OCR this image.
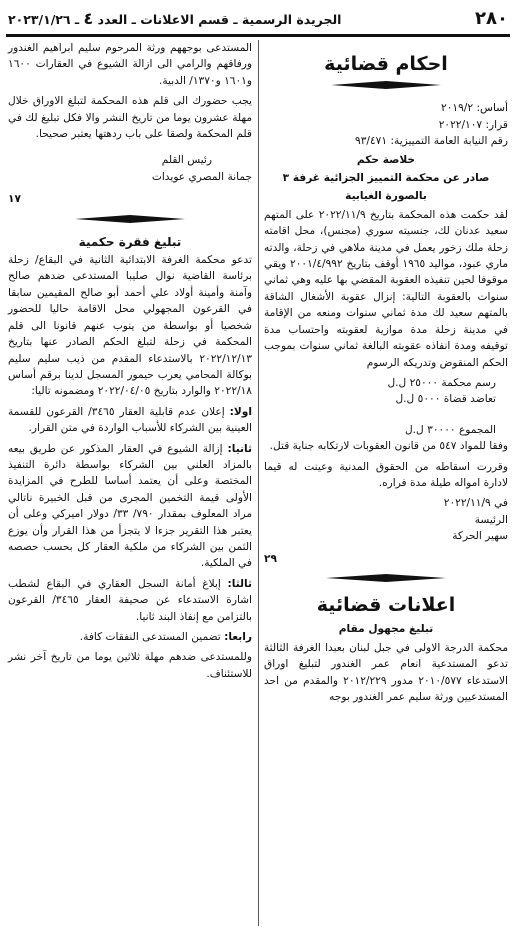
٢٨٠
الجريدة الرسمية ـ قسم الاعلانات ـ العدد ٤ ـ ٢٠٢٣/١/٢٦
احكام قضائية

أساس: ٢٠١٩/٢

قرار: ٢٠٢٢/١٠٧

رقم النيابة العامة التمييزية: ٩٣/٤٧١

خلاصة حكم
صادر عن محكمة التمييز الجزائية غرفة ٣
بالصورة الغيابية

لقد حكمت هذه المحكمة بتاريخ ٢٠٢٢/١١/٩ على المتهم سعيد عدنان لك، جنسيته سوري (مجنس)، محل اقامته زحلة ملك زخور يعمل في مدينة ملاهي في زحلة، والدته ماري عبود، مواليد ١٩٦٥ أوقف بتاريخ ٢٠٠١/٤/٩٩٢ ويقي موقوفا لحين تنفيذه العقوبة المقضي بها عليه وهي ثماني سنوات بالعقوبة التالية: إنزال عقوبة الأشغال الشاقة بالمتهم سعيد لك مدة ثماني سنوات ومنعه من الإقامة في مدينة زحلة مدة موازية لعقوبته واحتساب مدة توقيفه ومدة انفاذه عقوبته البالغة ثماني سنوات بموجب الحكم المنقوض وتدريكه الرسوم

رسم محكمة ٢٥٠٠٠ ل.ل

تعاضد قضاة ٥٠٠٠ ل.ل

المجموع ٣٠٠٠٠ ل.ل

وفقا للمواد ٥٤٧ من قانون العقوبات لارتكابه جناية قتل.

وقررت اسقاطه من الحقوق المدنية وعينت له قيما لادارة امواله طيلة مدة فراره.

في ٢٠٢٢/١١/٩

الرئيسة

سهير الحركة

٢٩
اعلانات قضائية
تبليغ مجهول مقام

محكمة الدرجة الاولى في جبل لبنان بعبدا الغرفة الثالثة تدعو المستدعية انعام عمر الغندور لتبليغ اوراق الاستدعاء ٢٠١٠/٥٧٧ مدور ٢٠١٢/٢٢٩ والمقدم من احد المستدعيين ورثة سليم عمر الغندور بوجه

المستدعى بوجههم ورثة المرحوم سليم ابراهيم الغندور ورفاقهم والرامي الى ازالة الشيوع في العقارات ١٦٠٠ و١٦٠١ و١٣٧٠/ الدبية.

يجب حضورك الى قلم هذه المحكمة لتبلغ الاوراق خلال مهلة عشرون يوما من تاريخ النشر والا فكل تبليغ لك في قلم المحكمة ولصقا على باب ردهتها يعتبر صحيحا.

رئيس القلم

جمانة المصري عويدات

١٧
تبليغ فقرة حكمية

تدعو محكمة الغرفة الابتدائية الثانية في البقاع/ زحلة برئاسة القاضية نوال صليبا المستدعى ضدهم صالح وآمنة وأمينة أولاد علي أحمد أبو صالح المقيمين سابقا في القرعون المجهولي محل الاقامة حاليا للحضور شخصيا أو بواسطة من ينوب عنهم قانونا الى قلم المحكمة في زحلة لتبلغ الحكم الصادر عنها بتاريخ ٢٠٢٢/١٢/١٣ بالاستدعاء المقدم من ذيب سليم سليم بوكالة المحامي يعرب حيمور المسجل لدينا برقم أساس ٢٠٢٢/١٨ والوارد بتاريخ ٢٠٢٢/٠٤/٠٥ ومضمونه تاليا:

اولا: إعلان عدم قابلية العقار ٣٤٦٥/ القرعون للقسمة العينية بين الشركاء للأسباب الواردة في متن القرار.

ثانيا: إزالة الشيوع في العقار المذكور عن طريق بيعه بالمزاد العلني بين الشركاء بواسطة دائرة التنفيذ المختصة وعلى أن يعتمد أساسا للطرح في المزايدة الأولى قيمة التخمين المجرى من قبل الخبيرة ناتالي مراد المعلوف بمقدار ٧٩٠/ ٣٣/ دولار اميركي وعلى أن يعتبر هذا التقرير جزءا لا يتجزأ من هذا القرار وأن يوزع الثمن بين الشركاء من ملكية العقار كل بحسب حصصه في الملكية.

ثالثا: إبلاغ أمانة السجل العقاري في البقاع لشطب اشارة الاستدعاء عن صحيفة العقار ٣٤٦٥/ القرعون بالتزامن مع إنفاذ البند ثانيا.

رابعا: تضمين المستدعى النفقات كافة.

وللمستدعى ضدهم مهلة ثلاثين يوما من تاريخ آخر نشر للاستئناف.
